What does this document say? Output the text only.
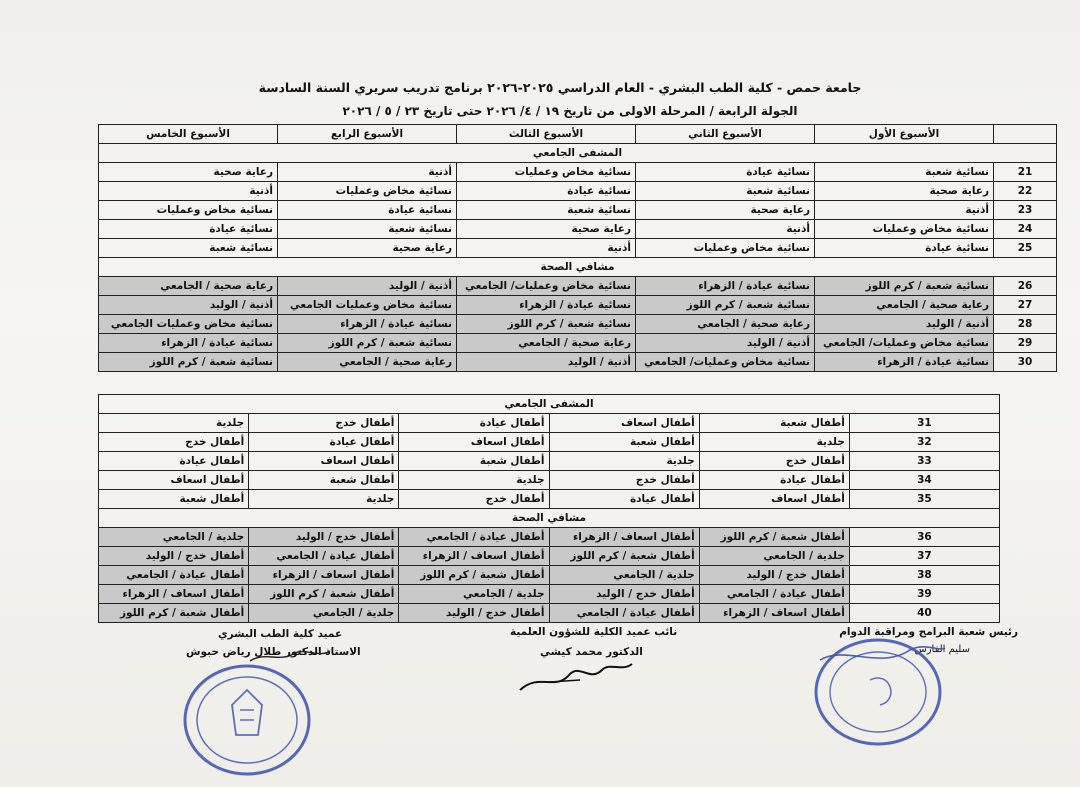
جامعة حمص - كلية الطب البشري - العام الدراسي ٢٠٢٥-٢٠٢٦ برنامج تدريب سريري السنة السادسة
الجولة الرابعة / المرحلة الاولى من تاريخ ١٩ / ٤/ ٢٠٢٦ حتى تاريخ ٢٣ / ٥ / ٢٠٢٦
	الأسبوع الأول	الأسبوع الثاني	الأسبوع الثالث	الأسبوع الرابع	الأسبوع الخامس
المشفى الجامعي					
21	نسائية شعبة	نسائية عيادة	نسائية مخاض وعمليات	أذنية	رعاية صحية
22	رعاية صحية	نسائية شعبة	نسائية عيادة	نسائية مخاض وعمليات	أذنية
23	أذنية	رعاية صحية	نسائية شعبة	نسائية عيادة	نسائية مخاض وعمليات
24	نسائية مخاض وعمليات	أذنية	رعاية صحية	نسائية شعبة	نسائية عيادة
25	نسائية عيادة	نسائية مخاض وعمليات	أذنية	رعاية صحية	نسائية شعبة
مشافي الصحة					
26	نسائية شعبة / كرم اللوز	نسائية عيادة / الزهراء	نسائية مخاض وعمليات/ الجامعي	أذنية / الوليد	رعاية صحية / الجامعي
27	رعاية صحية / الجامعي	نسائية شعبة / كرم اللوز	نسائية عيادة / الزهراء	نسائية مخاض وعمليات الجامعي	أذنية / الوليد
28	أذنية / الوليد	رعاية صحية / الجامعي	نسائية شعبة / كرم اللوز	نسائية عيادة / الزهراء	نسائية مخاض وعمليات الجامعي
29	نسائية مخاض وعمليات/ الجامعي	أذنية / الوليد	رعاية صحية / الجامعي	نسائية شعبة / كرم اللوز	نسائية عيادة / الزهراء
30	نسائية عيادة / الزهراء	نسائية مخاض وعمليات/ الجامعي	أذنية / الوليد	رعاية صحية / الجامعي	نسائية شعبة / كرم اللوز
المشفى الجامعي					
31	أطفال شعبة	أطفال اسعاف	أطفال عيادة	أطفال خدج	جلدية
32	جلدية	أطفال شعبة	أطفال اسعاف	أطفال عيادة	أطفال خدج
33	أطفال خدج	جلدية	أطفال شعبة	أطفال اسعاف	أطفال عيادة
34	أطفال عيادة	أطفال خدج	جلدية	أطفال شعبة	أطفال اسعاف
35	أطفال اسعاف	أطفال عيادة	أطفال خدج	جلدية	أطفال شعبة
مشافي الصحة					
36	أطفال شعبة / كرم اللوز	أطفال اسعاف / الزهراء	أطفال عيادة / الجامعي	أطفال خدج / الوليد	جلدية / الجامعي
37	جلدية / الجامعي	أطفال شعبة / كرم اللوز	أطفال اسعاف / الزهراء	أطفال عيادة / الجامعي	أطفال خدج / الوليد
38	أطفال خدج / الوليد	جلدية / الجامعي	أطفال شعبة / كرم اللوز	أطفال اسعاف / الزهراء	أطفال عيادة / الجامعي
39	أطفال عيادة / الجامعي	أطفال خدج / الوليد	جلدية / الجامعي	أطفال شعبة / كرم اللوز	أطفال اسعاف / الزهراء
40	أطفال اسعاف / الزهراء	أطفال عيادة / الجامعي	أطفال خدج / الوليد	جلدية / الجامعي	أطفال شعبة / كرم اللوز
رئيس شعبة البرامج ومراقبة الدوام
سليم الفارس
نائب عميد الكلية للشؤون العلمية
الدكتور محمد كيشي
عميد كلية الطب البشري
الاستاذ الدكتور طلال رياض حبوش
